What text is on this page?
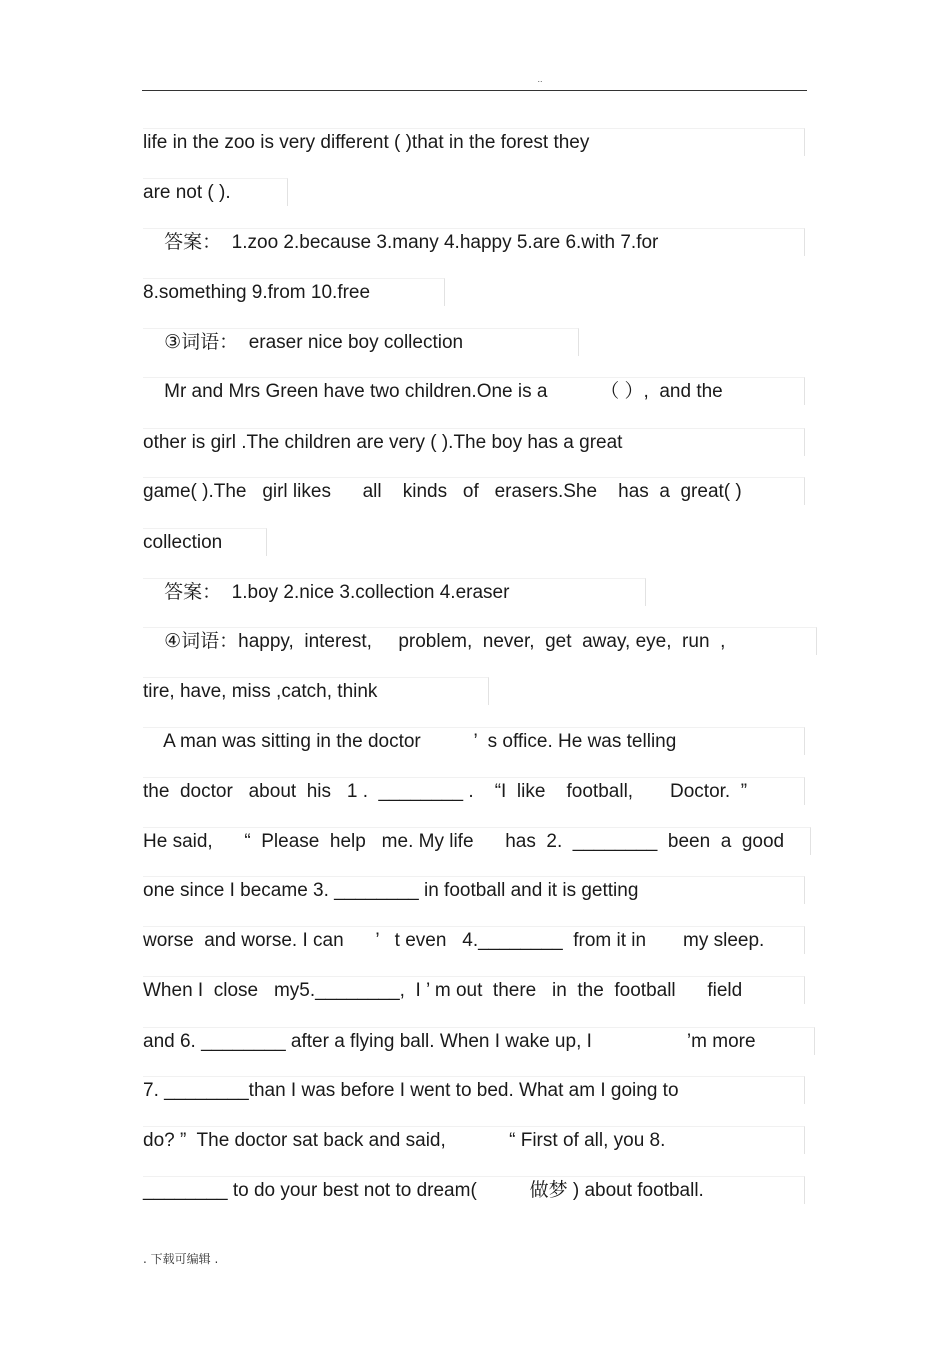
..
life in the zoo is very different ( )that in the forest they
are not ( ).
答案：  1.zoo 2.because 3.many 4.happy 5.are 6.with 7.for
8.something 9.from 10.free
③词语：  eraser nice boy collection
Mr and Mrs Green have two children.One is a          （ ）,  and the
other is girl .The children are very ( ).The boy has a great
game( ).The   girl likes      all    kinds   of   erasers.She    has  a  great( )
collection
答案：  1.boy 2.nice 3.collection 4.eraser
④词语：happy,  interest,     problem,  never,  get  away, eye,  run  ,
tire, have, miss ,catch, think
A man was sitting in the doctor          ’  s office. He was telling
the  doctor   about  his   1 .  ________ .    “I  like    football,       Doctor.  ”
He said,      “  Please  help   me. My life      has  2.  ________  been  a  good
one since I became 3. ________ in football and it is getting
worse  and worse. I can      ’   t even   4.________  from it in       my sleep.
When I  close   my5.________,  I ’ m out  there   in  the  football      field
and 6. ________ after a flying ball. When I wake up, I                  ’m more
7. ________than I was before I went to bed. What am I going to
do? ”  The doctor sat back and said,            “ First of all, you 8.
________ to do your best not to dream(          做梦 ) about football.
. 下载可编辑 .
